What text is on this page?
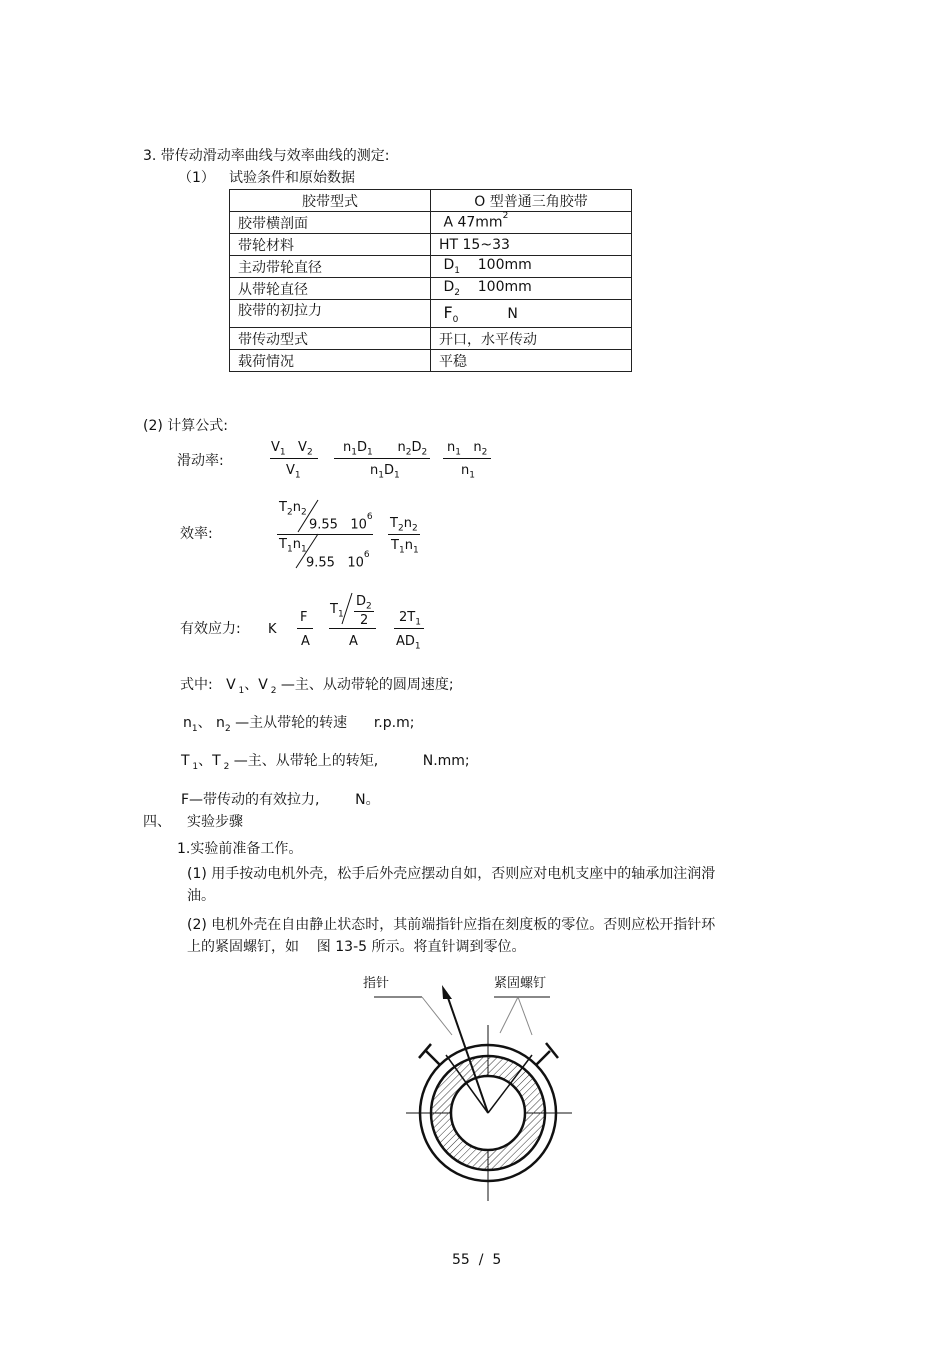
3. 带传动滑动率曲线与效率曲线的测定:
（1） 试验条件和原始数据
胶带型式	O 型普通三角胶带
胶带横剖面	A $47mm^2$
带轮材料	HT 15~33
主动带轮直径	$D_1$    100mm
从带轮直径	$D_2$    100mm
胶带的初拉力	$F_0$           N
带传动型式	开口，水平传动
载荷情况	平稳
(2) 计算公式:
滑动率:
$V_1$   $V_2$
$V_1$
$n_1D_1$      $n_2D_2$
$n_1D_1$
$n_1$   $n_2$
$n_1$
效率:
$T_2n_2$
9.55 $10^6$
$T_1n_1$
9.55 $10^6$
$T_2n_2$
$T_1n_1$
有效应力: K
F
A
$T_1$
$D_2$
2
A
$2T_1$
$AD_1$
式中:   V $_1$、V $_2$ —主、从动带轮的圆周速度;
$n_1$、 $n_2$ —主从带轮的转速      r.p.m;
T $_1$、T $_2$ —主、从带轮上的转矩,          N.mm;
F—带传动的有效拉力,        N。
四、 实验步骤
1.实验前准备工作。
(1) 用手按动电机外壳，松手后外壳应摆动自如，否则应对电机支座中的轴承加注润滑
油。
(2) 电机外壳在自由静止状态时，其前端指针应指在刻度板的零位。否则应松开指针环
上的紧固螺钉，如    图 13-5 所示。将直针调到零位。
指针	紧固螺钉
55  /  5
